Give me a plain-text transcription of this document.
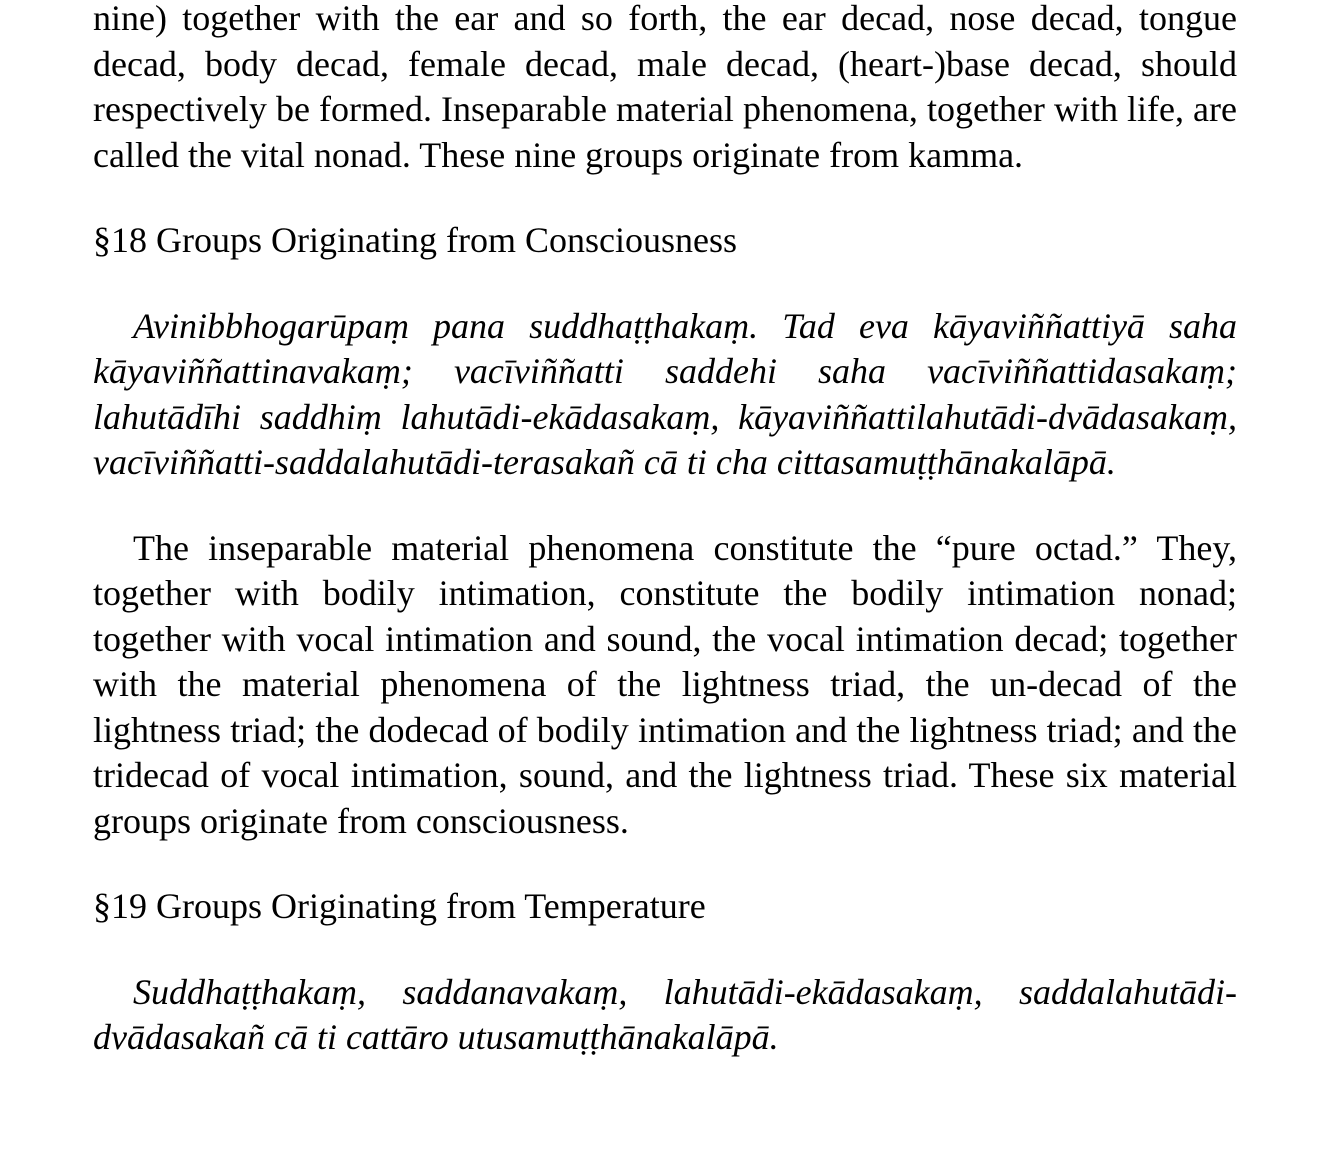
nine) together with the ear and so forth, the ear decad, nose decad, tongue decad, body decad, female decad, male decad, (heart-)base decad, should respectively be formed. Inseparable material phenomena, together with life, are called the vital nonad. These nine groups originate from kamma.

§18 Groups Originating from Consciousness

Avinibbhogarūpaṃ pana suddhaṭṭhakaṃ. Tad eva kāyaviññattiyā saha kāyaviññattinavakaṃ; vacīviññatti saddehi saha vacīviññattidasakaṃ; lahutādīhi saddhiṃ lahutādi-ekādasakaṃ, kāyaviññattilahutādi-dvādasakaṃ, vacīviññatti-saddalahutādi-terasakañ cā ti cha cittasamuṭṭhānakalāpā.

The inseparable material phenomena constitute the “pure octad.” They, together with bodily intimation, constitute the bodily intimation nonad; together with vocal intimation and sound, the vocal intimation decad; together with the material phenomena of the lightness triad, the un-decad of the lightness triad; the dodecad of bodily intimation and the lightness triad; and the tridecad of vocal intimation, sound, and the lightness triad. These six material groups originate from consciousness.

§19 Groups Originating from Temperature

Suddhaṭṭhakaṃ, saddanavakaṃ, lahutādi-ekādasakaṃ, saddalahutādi-dvādasakañ cā ti cattāro utusamuṭṭhānakalāpā.
